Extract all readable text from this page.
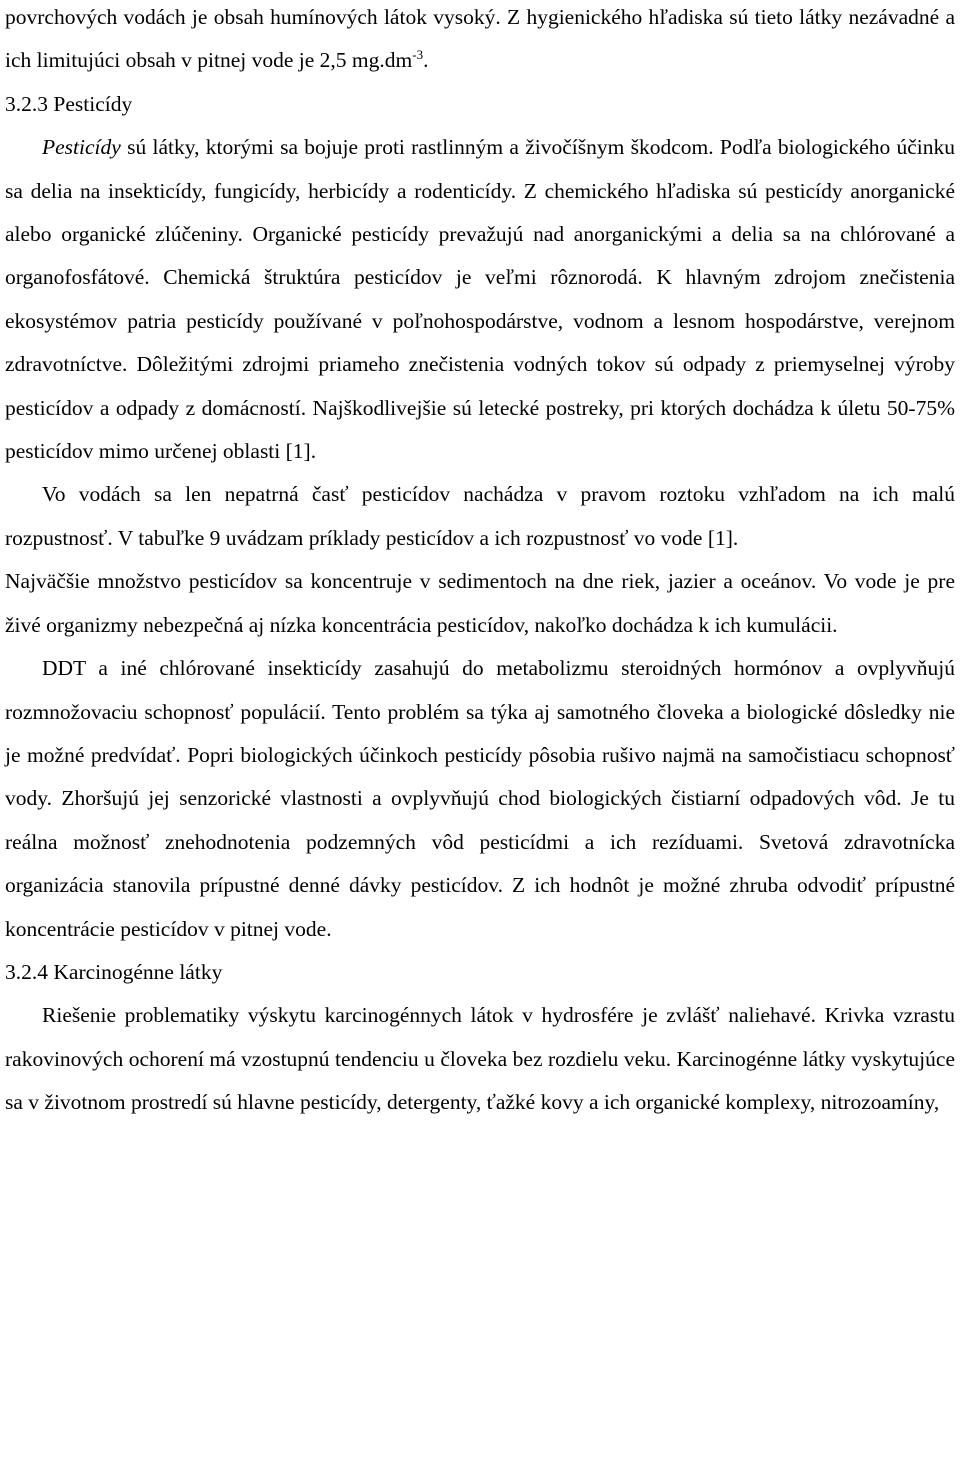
povrchových vodách je obsah humínových látok vysoký. Z hygienického hľadiska sú tieto látky nezávadné a ich limitujúci obsah v pitnej vode je 2,5 $mg.dm^{-3}$.

3.2.3 Pesticídy

Pesticídy sú látky, ktorými sa bojuje proti rastlinným a živočíšnym škodcom. Podľa biologického účinku sa delia na insekticídy, fungicídy, herbicídy a rodenticídy. Z chemického hľadiska sú pesticídy anorganické alebo organické zlúčeniny. Organické pesticídy prevažujú nad anorganickými a delia sa na chlórované a organofosfátové. Chemická štruktúra pesticídov je veľmi rôznorodá. K hlavným zdrojom znečistenia ekosystémov patria pesticídy používané v poľnohospodárstve, vodnom a lesnom hospodárstve, verejnom zdravotníctve. Dôležitými zdrojmi priameho znečistenia vodných tokov sú odpady z priemyselnej výroby pesticídov a odpady z domácností. Najškodlivejšie sú letecké postreky, pri ktorých dochádza k úletu 50-75% pesticídov mimo určenej oblasti [1].

Vo vodách sa len nepatrná časť pesticídov nachádza v pravom roztoku vzhľadom na ich malú rozpustnosť. V tabuľke 9 uvádzam príklady pesticídov a ich rozpustnosť vo vode [1].

Najväčšie množstvo pesticídov sa koncentruje v sedimentoch na dne riek, jazier a oceánov. Vo vode je pre živé organizmy nebezpečná aj nízka koncentrácia pesticídov, nakoľko dochádza k ich kumulácii.

DDT a iné chlórované insekticídy zasahujú do metabolizmu steroidných hormónov a ovplyvňujú rozmnožovaciu schopnosť populácií. Tento problém sa týka aj samotného človeka a biologické dôsledky nie je možné predvídať. Popri biologických účinkoch pesticídy pôsobia rušivo najmä na samočistiacu schopnosť vody. Zhoršujú jej senzorické vlastnosti a ovplyvňujú chod biologických čistiarní odpadových vôd. Je tu reálna možnosť znehodnotenia podzemných vôd pesticídmi a ich rezíduami. Svetová zdravotnícka organizácia stanovila prípustné denné dávky pesticídov. Z ich hodnôt je možné zhruba odvodiť prípustné koncentrácie pesticídov v pitnej vode.

3.2.4 Karcinogénne látky

Riešenie problematiky výskytu karcinogénnych látok v hydrosfére je zvlášť naliehavé. Krivka vzrastu rakovinových ochorení má vzostupnú tendenciu u človeka bez rozdielu veku. Karcinogénne látky vyskytujúce sa v životnom prostredí sú hlavne pesticídy, detergenty, ťažké kovy a ich organické komplexy, nitrozoamíny,
